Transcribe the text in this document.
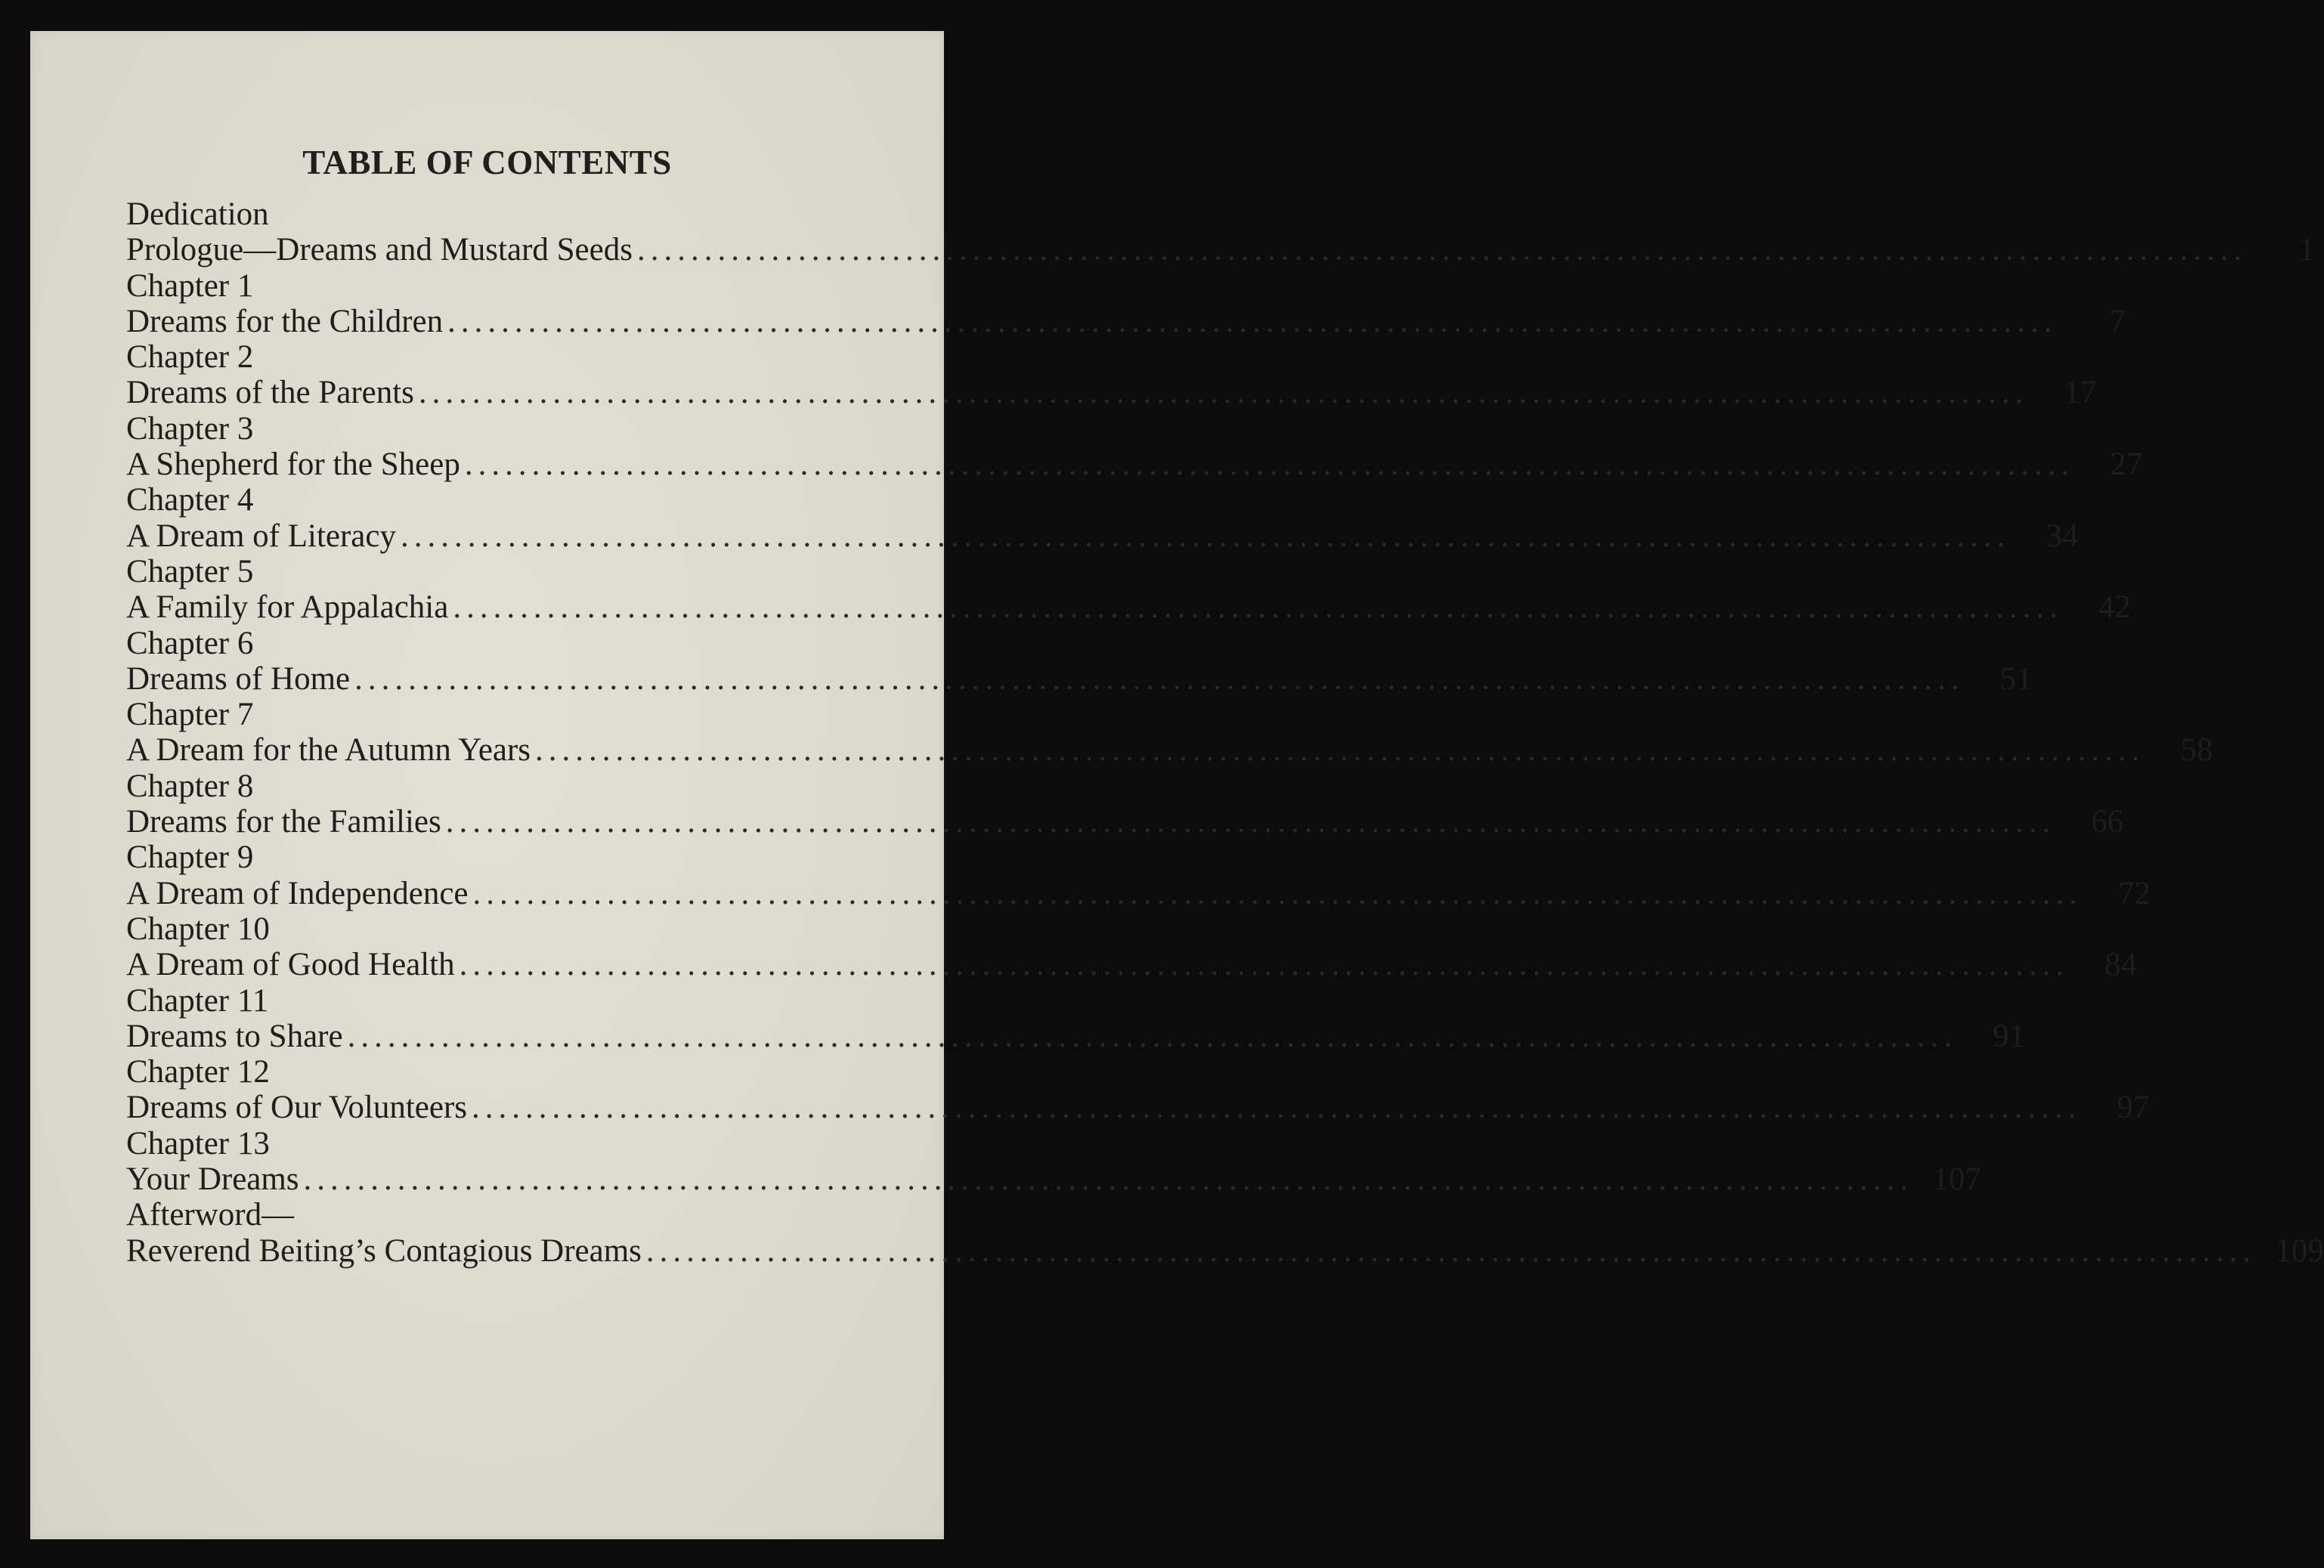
TABLE OF CONTENTS
Dedication
Prologue—Dreams and Mustard Seeds ........................................................................................................................	1
Chapter 1
Dreams for the Children ........................................................................................................................	7
Chapter 2
Dreams of the Parents ........................................................................................................................	17
Chapter 3
A Shepherd for the Sheep ........................................................................................................................	27
Chapter 4
A Dream of Literacy ........................................................................................................................	34
Chapter 5
A Family for Appalachia ........................................................................................................................	42
Chapter 6
Dreams of Home ........................................................................................................................	51
Chapter 7
A Dream for the Autumn Years ........................................................................................................................	58
Chapter 8
Dreams for the Families ........................................................................................................................	66
Chapter 9
A Dream of Independence ........................................................................................................................	72
Chapter 10
A Dream of Good Health ........................................................................................................................	84
Chapter 11
Dreams to Share ........................................................................................................................	91
Chapter 12
Dreams of Our Volunteers ........................................................................................................................	97
Chapter 13
Your Dreams ........................................................................................................................ 107
Afterword—
Reverend Beiting’s Contagious Dreams ........................................................................................................................ 109
